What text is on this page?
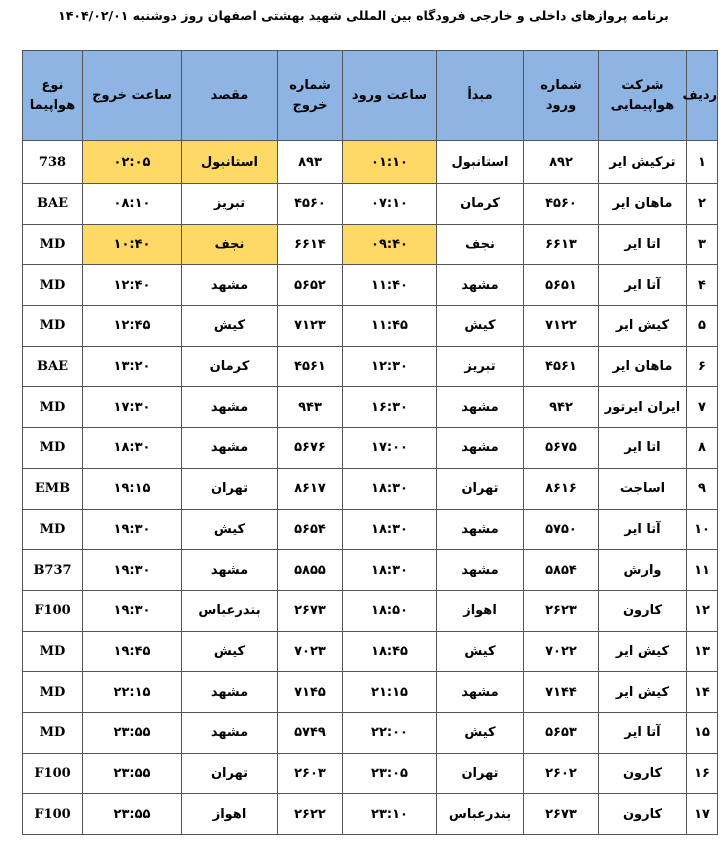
برنامه پروازهای داخلی و خارجی فرودگاه بین المللی شهید بهشتی اصفهان روز دوشنبه ۱۴۰۴/۰۲/۰۱
ردیف	شرکت هواپیمایی	شماره ورود	مبدأ	ساعت ورود	شماره خروج	مقصد	ساعت خروج	نوع هواپیما
۱	ترکیش ایر	۸۹۲	استانبول	۰۱:۱۰	۸۹۳	استانبول	۰۲:۰۵	738
۲	ماهان ایر	۴۵۶۰	کرمان	۰۷:۱۰	۴۵۶۰	تبریز	۰۸:۱۰	BAE
۳	اتا ایر	۶۶۱۳	نجف	۰۹:۴۰	۶۶۱۴	نجف	۱۰:۴۰	MD
۴	آتا ایر	۵۶۵۱	مشهد	۱۱:۴۰	۵۶۵۲	مشهد	۱۲:۴۰	MD
۵	کیش ایر	۷۱۲۲	کیش	۱۱:۴۵	۷۱۲۳	کیش	۱۲:۴۵	MD
۶	ماهان ایر	۴۵۶۱	تبریز	۱۲:۳۰	۴۵۶۱	کرمان	۱۳:۲۰	BAE
۷	ایران ایرتور	۹۴۲	مشهد	۱۶:۳۰	۹۴۳	مشهد	۱۷:۳۰	MD
۸	اتا ایر	۵۶۷۵	مشهد	۱۷:۰۰	۵۶۷۶	مشهد	۱۸:۳۰	MD
۹	اساجت	۸۶۱۶	تهران	۱۸:۳۰	۸۶۱۷	تهران	۱۹:۱۵	EMB
۱۰	آتا ایر	۵۷۵۰	مشهد	۱۸:۳۰	۵۶۵۴	کیش	۱۹:۳۰	MD
۱۱	وارش	۵۸۵۴	مشهد	۱۸:۳۰	۵۸۵۵	مشهد	۱۹:۳۰	B737
۱۲	کارون	۲۶۲۳	اهواز	۱۸:۵۰	۲۶۷۳	بندرعباس	۱۹:۳۰	F100
۱۳	کیش ایر	۷۰۲۲	کیش	۱۸:۴۵	۷۰۲۳	کیش	۱۹:۴۵	MD
۱۴	کیش ایر	۷۱۴۴	مشهد	۲۱:۱۵	۷۱۴۵	مشهد	۲۲:۱۵	MD
۱۵	آتا ایر	۵۶۵۳	کیش	۲۲:۰۰	۵۷۴۹	مشهد	۲۳:۵۵	MD
۱۶	کارون	۲۶۰۲	تهران	۲۳:۰۵	۲۶۰۳	تهران	۲۳:۵۵	F100
۱۷	کارون	۲۶۷۳	بندرعباس	۲۳:۱۰	۲۶۲۲	اهواز	۲۳:۵۵	F100
